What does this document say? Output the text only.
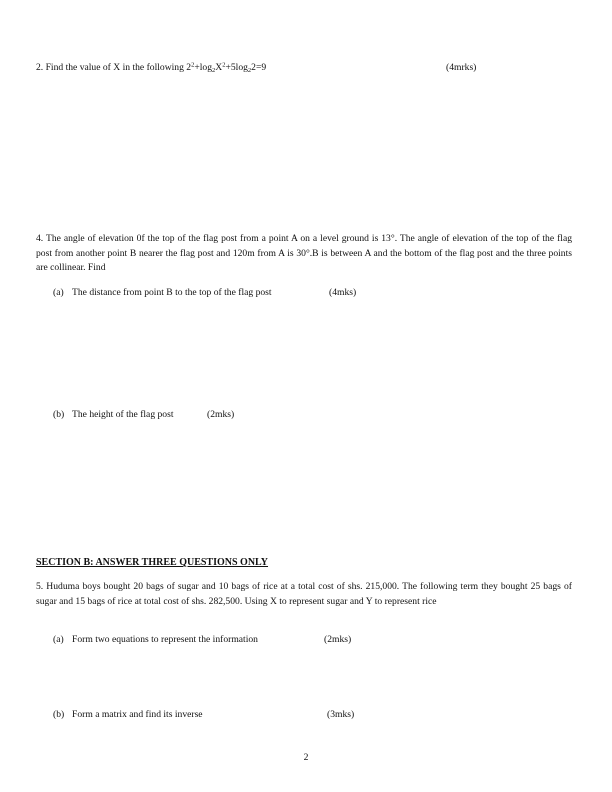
2. Find the value of X in the following $2^2+\log_2X^2+5\log_22=9$	(4mrks)
4. The angle of elevation 0f the top of the flag post from a point A on a level ground is 13°. The angle of elevation of the top of the flag post from another point B nearer the flag post and 120m from A is 30°.B is between A and the bottom of the flag post and the three points are collinear. Find
(a) The distance from point B to the top of the flag post	(4mks)
(b) The height of the flag post	(2mks)
SECTION B: ANSWER THREE QUESTIONS ONLY
5. Huduma boys bought 20 bags of sugar and 10 bags of rice at a total cost of shs. 215,000. The following term they bought 25 bags of sugar and 15 bags of rice at total cost of shs. 282,500. Using X to represent sugar and Y to represent rice
(a) Form two equations to represent the information	(2mks)
(b) Form a matrix and find its inverse	(3mks)
2
